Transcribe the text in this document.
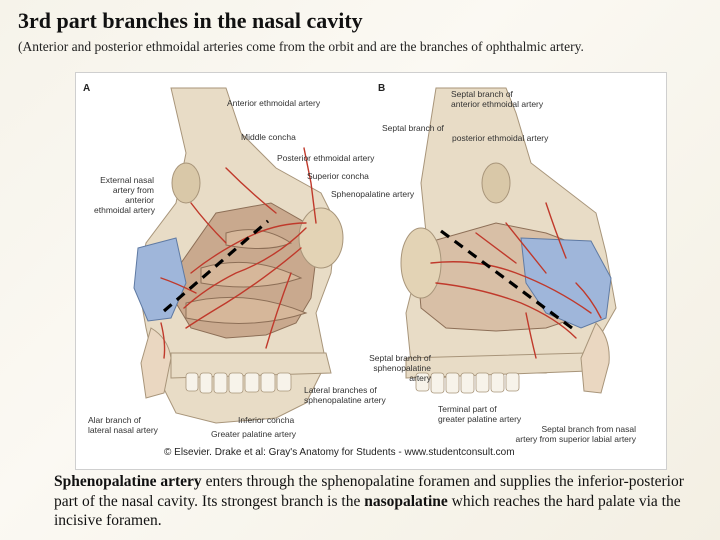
3rd part branches in the nasal cavity
(Anterior and posterior ethmoidal arteries come from the orbit and are the branches of ophthalmic artery.
A	B
Anterior ethmoidal artery
Middle concha
Posterior ethmoidal artery
Superior concha
Sphenopalatine artery
External nasal
artery from
anterior
ethmoidal artery
Alar branch of
lateral nasal artery
Inferior concha
Greater palatine artery
Septal branch of
sphenopalatine
artery
Lateral branches of
sphenopalatine artery
Septal branch of
anterior ethmoidal artery
Septal branch of
posterior ethmoidal artery
Terminal part of
greater palatine artery
Septal branch from nasal
artery from superior labial artery
© Elsevier. Drake et al: Gray's Anatomy for Students - www.studentconsult.com
Sphenopalatine artery enters through the sphenopalatine foramen and supplies the inferior-posterior part of the nasal cavity. Its strongest branch is the nasopalatine which reaches the hard palate via the incisive foramen.
